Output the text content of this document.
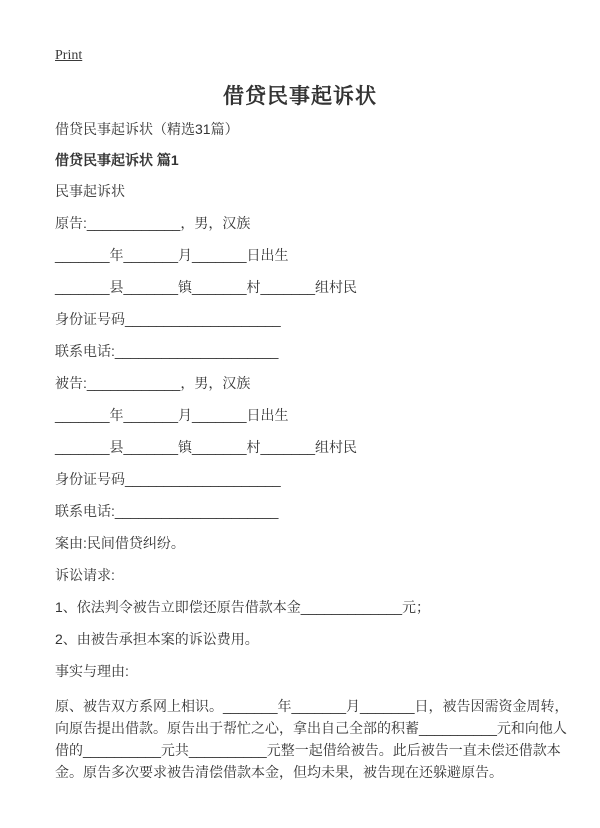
Print
借贷民事起诉状

借贷民事起诉状（精选31篇）

借贷民事起诉状 篇1

民事起诉状

原告:____________，男，汉族

_______年_______月_______日出生

_______县_______镇_______村_______组村民

身份证号码____________________

联系电话:_____________________

被告:____________，男，汉族

_______年_______月_______日出生

_______县_______镇_______村_______组村民

身份证号码____________________

联系电话:_____________________

案由:民间借贷纠纷。

诉讼请求:

1、依法判令被告立即偿还原告借款本金_____________元；

2、由被告承担本案的诉讼费用。

事实与理由:

原、被告双方系网上相识。_______年_______月_______日，被告因需资金周转，向原告提出借款。原告出于帮忙之心，拿出自己全部的积蓄__________元和向他人借的__________元共__________元整一起借给被告。此后被告一直未偿还借款本金。原告多次要求被告清偿借款本金，但均未果，被告现在还躲避原告。
